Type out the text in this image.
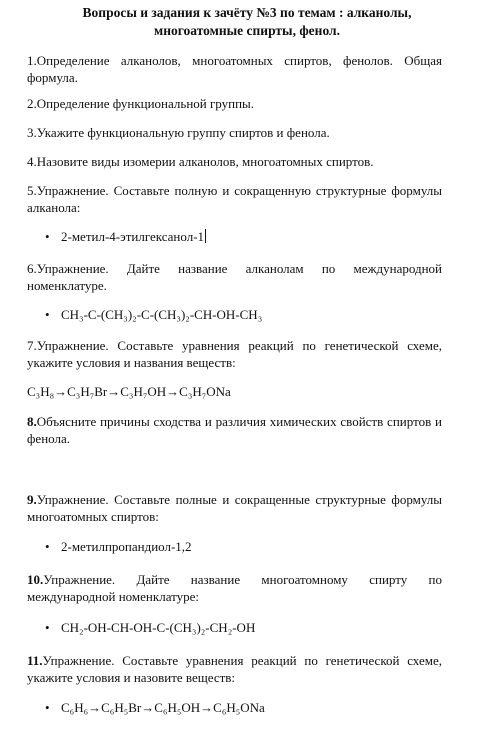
Вопросы и задания к зачёту №3 по темам : алканолы,
многоатомные спирты, фенол.
1.Определение алканолов, многоатомных спиртов, фенолов. Общая формула.
2.Определение функциональной группы.
3.Укажите функциональную группу спиртов и фенола.
4.Назовите виды изомерии алканолов, многоатомных спиртов.
5.Упражнение. Составьте полную и сокращенную структурные формулы алканола:
• 2-метил-4-этилгексанол-1
6.Упражнение. Дайте название алканолам по международной номенклатуре.
• CH₃-C-(CH₃)₂-C-(CH₃)₂-CH-OH-CH₃
7.Упражнение. Составьте уравнения реакций по генетической схеме, укажите условия и названия веществ:
C₃H₈→C₃H₇Br→C₃H₇OH→C₃H₇ONa
8.Объясните причины сходства и различия химических свойств спиртов и фенола.
9.Упражнение. Составьте полные и сокращенные структурные формулы многоатомных спиртов:
• 2-метилпропандиол-1,2
10.Упражнение. Дайте название многоатомному спирту по международной номенклатуре:
• CH₂-OH-CH-OH-C-(CH₃)₂-CH₂-OH
11.Упражнение. Составьте уравнения реакций по генетической схеме, укажите условия и назовите веществ:
• C₆H₆→C₆H₅Br→C₆H₅OH→C₆H₅ONa
